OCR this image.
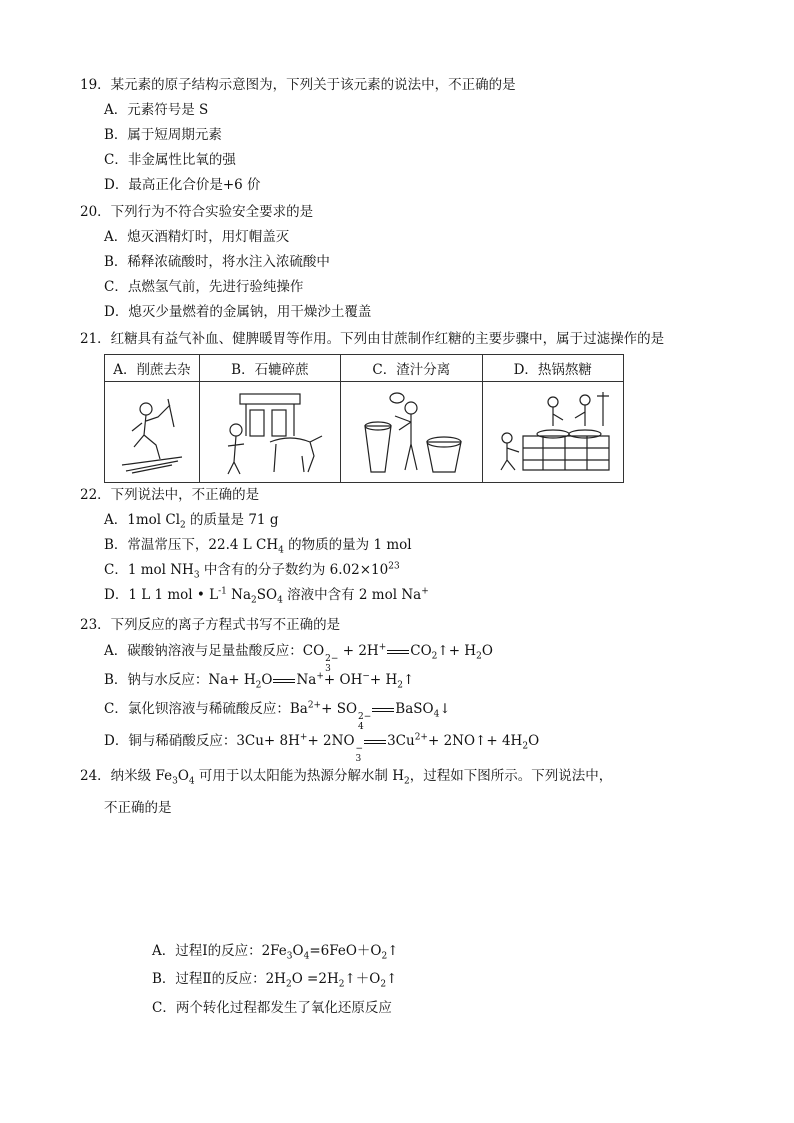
19．某元素的原子结构示意图为，下列关于该元素的说法中，不正确的是
A．元素符号是 S
B．属于短周期元素
C．非金属性比氧的强
D．最高正化合价是+6 价
20．下列行为不符合实验安全要求的是
A．熄灭酒精灯时，用灯帽盖灭
B．稀释浓硫酸时，将水注入浓硫酸中
C．点燃氢气前，先进行验纯操作
D．熄灭少量燃着的金属钠，用干燥沙土覆盖
21．红糖具有益气补血、健脾暖胃等作用。下列由甘蔗制作红糖的主要步骤中，属于过滤操作的是
A．削蔗去杂	B．石辘碎蔗	C．渣汁分离	D．热锅熬糖

22．下列说法中，不正确的是
A．1mol $Cl_2$ 的质量是 71 g
B．常温常压下，22.4 L $CH_4$ 的物质的量为 1 mol
C．1 mol $NH_3$ 中含有的分子数约为 $6.02\times 10^{23}$
D．1 L 1 mol • $L^{-1}$ $Na_2SO_4$ 溶液中含有 2 mol Na+
23．下列反应的离子方程式书写不正确的是
A．碳酸钠溶液与足量盐酸反应：CO 2−
3
+ 2H+ $CO_2↑+ H_2O$
B．钠与水反应：$Na+ H_2O$ $Na^++ OH^-+ H_2↑$
C．氯化钡溶液与稀硫酸反应：$Ba^{2+}+$ SO 2−
4
BaSO$_4$↓
D．铜与稀硝酸反应：3Cu+ 8H++ 2NO −
3
$3Cu^{2+}+$ 2NO↑+ $4H_2O$
24．纳米级 $Fe_3O_4$ 可用于以太阳能为热源分解水制 $H_2$，过程如下图所示。下列说法中，
不正确的是
A．过程Ⅰ的反应：$2Fe_3O_4=6FeO+O_2↑$
B．过程Ⅱ的反应：$2H_2O$ $=2H_2↑+O_2↑$
C．两个转化过程都发生了氧化还原反应
